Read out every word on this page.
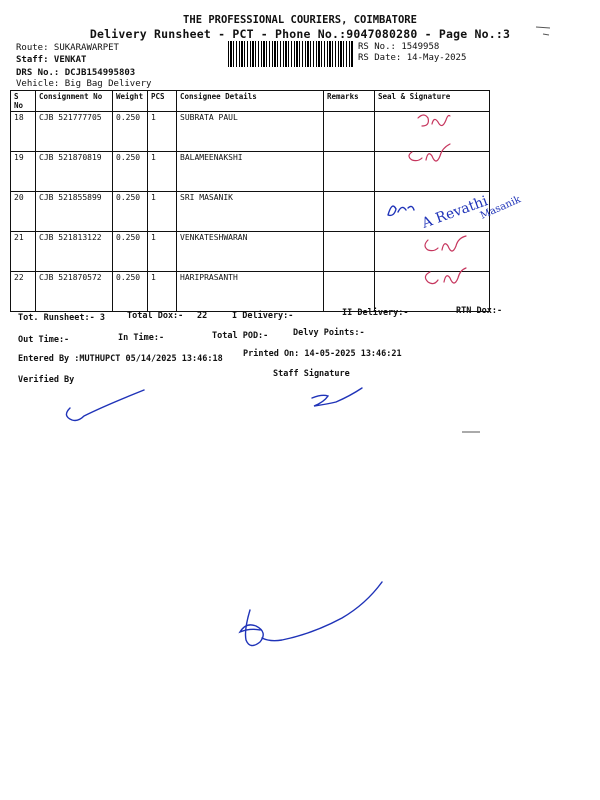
THE PROFESSIONAL COURIERS, COIMBATORE
Delivery Runsheet - PCT - Phone No.:9047080280 - Page No.:3
Route: SUKARAWARPET
Staff: VENKAT
DRS No.: DCJB154995803
Vehicle: Big Bag Delivery
RS No.: 1549958
RS Date: 14-May-2025
S No	Consignment No	Weight	PCS	Consignee Details	Remarks	Seal & Signature
18	CJB 521777705	0.250	1	SUBRATA PAUL		
19	CJB 521870819	0.250	1	BALAMEENAKSHI		
20	CJB 521855899	0.250	1	SRI MASANIK		
21	CJB 521813122	0.250	1	VENKATESHWARAN		
22	CJB 521870572	0.250	1	HARIPRASANTH		
Tot. Runsheet:- 3	Total Dox:- 22	I Delivery:-	II Delivery:-	RTN Dox:-
Out Time:-	In Time:-	Total POD:-	Delvy Points:-
Entered By :MUTHUPCT 05/14/2025 13:46:18 Printed On: 14-05-2025 13:46:21
Verified By
Staff Signature
A Revathi
Masanik
